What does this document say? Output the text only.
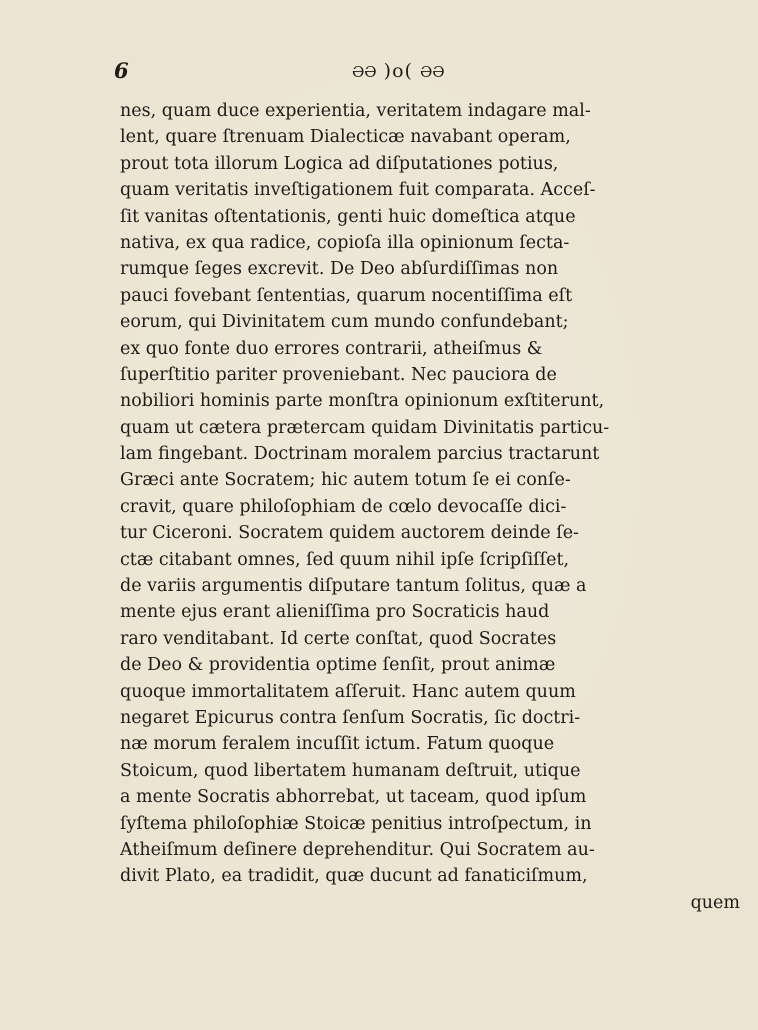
6	ƏƏ )o( ƏƏ
nes, quam duce experientia, veritatem indagare mal-
lent, quare ſtrenuam Dialecticæ navabant operam,
prout tota illorum Logica ad diſputationes potius,
quam veritatis inveſtigationem fuit comparata. Acceſ-
ſit vanitas oſtentationis, genti huic domeſtica atque
nativa, ex qua radice, copioſa illa opinionum ſecta-
rumque ſeges excrevit. De Deo abſurdiſſimas non
pauci fovebant ſententias, quarum nocentiſſima eſt
eorum, qui Divinitatem cum mundo confundebant;
ex quo fonte duo errores contrarii, atheiſmus &
ſuperſtitio pariter proveniebant. Nec pauciora de
nobiliori hominis parte monſtra opinionum exſtiterunt,
quam ut cætera prætercam quidam Divinitatis particu-
lam fingebant. Doctrinam moralem parcius tractarunt
Græci ante Socratem; hic autem totum ſe ei conſe-
cravit, quare philoſophiam de cœlo devocaſſe dici-
tur Ciceroni. Socratem quidem auctorem deinde ſe-
ctæ citabant omnes, ſed quum nihil ipſe ſcripſiſſet,
de variis argumentis diſputare tantum ſolitus, quæ a
mente ejus erant alieniſſima pro Socraticis haud
raro venditabant. Id certe conſtat, quod Socrates
de Deo & providentia optime ſenſit, prout animæ
quoque immortalitatem aſſeruit. Hanc autem quum
negaret Epicurus contra ſenſum Socratis, ſic doctri-
næ morum feralem incuſſit ictum. Fatum quoque
Stoicum, quod libertatem humanam deſtruit, utique
a mente Socratis abhorrebat, ut taceam, quod ipſum
ſyſtema philoſophiæ Stoicæ penitius introſpectum, in
Atheiſmum deſinere deprehenditur. Qui Socratem au-
divit Plato, ea tradidit, quæ ducunt ad fanaticiſmum,
quem
